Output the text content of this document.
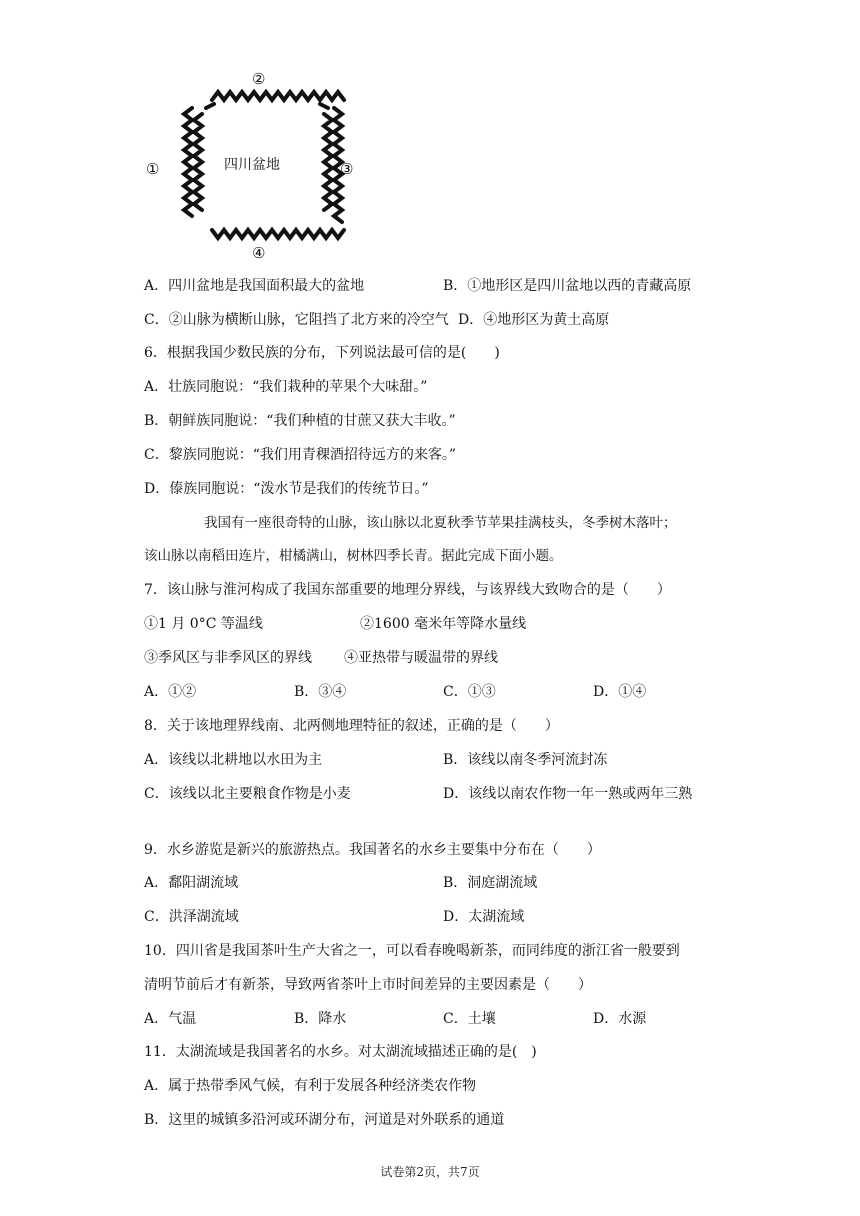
②
①	③
④
四川盆地
A．四川盆地是我国面积最大的盆地	B．①地形区是四川盆地以西的青藏高原
C．②山脉为横断山脉，它阻挡了北方来的冷空气 D．④地形区为黄土高原
6．根据我国少数民族的分布，下列说法最可信的是(　　)
A．壮族同胞说：“我们栽种的苹果个大味甜。”
B．朝鲜族同胞说：“我们种植的甘蔗又获大丰收。”
C．黎族同胞说：“我们用青稞酒招待远方的来客。”
D．傣族同胞说：“泼水节是我们的传统节日。”
我国有一座很奇特的山脉，该山脉以北夏秋季节苹果挂满枝头，冬季树木落叶；
该山脉以南稻田连片，柑橘满山，树林四季长青。据此完成下面小题。
7．该山脉与淮河构成了我国东部重要的地理分界线，与该界线大致吻合的是（　　）
①1 月 0°C 等温线	②1600 毫米年等降水量线
③季风区与非季风区的界线 ④亚热带与暖温带的界线
A．①②	B．③④	C．①③	D．①④
8．关于该地理界线南、北两侧地理特征的叙述，正确的是（　　）
A．该线以北耕地以水田为主	B．该线以南冬季河流封冻
C．该线以北主要粮食作物是小麦	D．该线以南农作物一年一熟或两年三熟
9．水乡游览是新兴的旅游热点。我国著名的水乡主要集中分布在（　　）
A．鄱阳湖流域	B．洞庭湖流域
C．洪泽湖流域	D．太湖流域
10．四川省是我国茶叶生产大省之一，可以看春晚喝新茶，而同纬度的浙江省一般要到
清明节前后才有新茶，导致两省茶叶上市时间差异的主要因素是（　　）
A．气温	B．降水	C．土壤	D．水源
11．太湖流域是我国著名的水乡。对太湖流域描述正确的是(　)
A．属于热带季风气候，有利于发展各种经济类农作物
B．这里的城镇多沿河或环湖分布，河道是对外联系的通道
试卷第2页，共7页
